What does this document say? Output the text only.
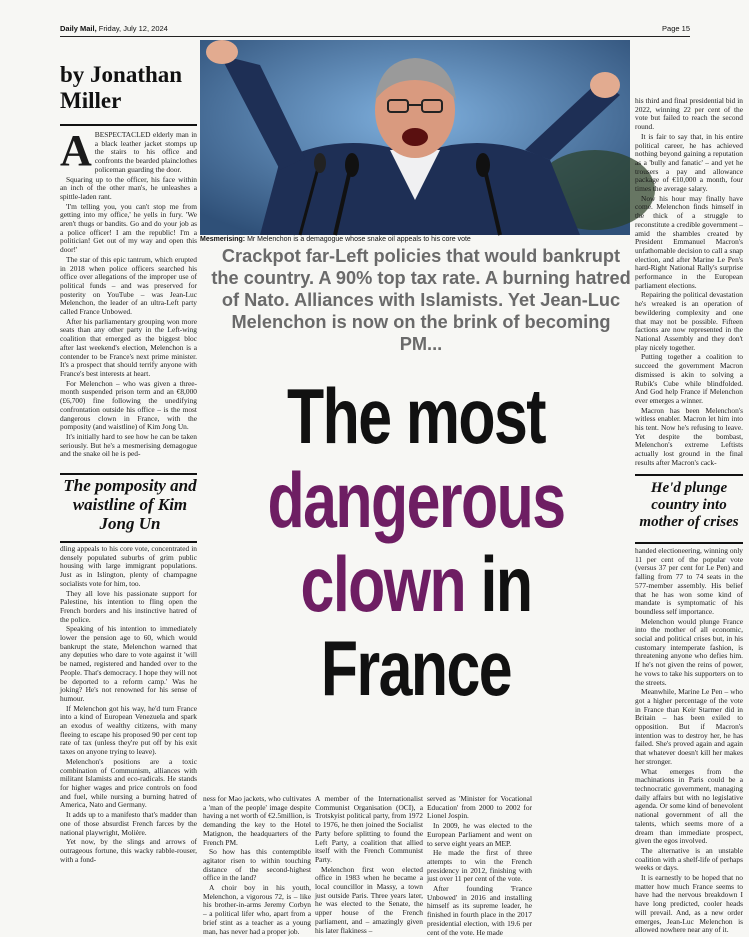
Daily Mail, Friday, July 12, 2024	Page 15
by Jonathan Miller

ABESPECTACLED elderly man in a black leather jacket stomps up the stairs to his office and confronts the bearded plainclothes policeman guarding the door.

Squaring up to the officer, his face within an inch of the other man's, he unleashes a spittle-laden rant.

'I'm telling you, you can't stop me from getting into my office,' he yells in fury. 'We aren't thugs or bandits. Go and do your job as a police officer! I am the republic! I'm a politician! Get out of my way and open this door!'

The star of this epic tantrum, which erupted in 2018 when police officers searched his office over allegations of the improper use of political funds – and was preserved for posterity on YouTube – was Jean-Luc Melenchon, the leader of an ultra-Left party called France Unbowed.

After his parliamentary grouping won more seats than any other party in the Left-wing coalition that emerged as the biggest bloc after last weekend's election, Melenchon is a contender to be France's next prime minister. It's a prospect that should terrify anyone with France's best interests at heart.

For Melenchon – who was given a three-month suspended prison term and an €8,000 (£6,700) fine following the unedifying confrontation outside his office – is the most dangerous clown in France, with the pomposity (and waistline) of Kim Jong Un.

It's initially hard to see how he can be taken seriously. But he's a mesmerising demagogue and the snake oil he is ped-

The pomposity and waistline of Kim Jong Un

dling appeals to his core vote, concentrated in densely populated suburbs of grim public housing with large immigrant populations. Just as in Islington, plenty of champagne socialists vote for him, too.

They all love his passionate support for Palestine, his intention to fling open the French borders and his instinctive hatred of the police.

Speaking of his intention to immediately lower the pension age to 60, which would bankrupt the state, Melenchon warned that any deputies who dare to vote against it 'will be named, registered and handed over to the People. That's democracy. I hope they will not be deported to a reform camp.' Was he joking? He's not renowned for his sense of humour.

If Melenchon got his way, he'd turn France into a kind of European Venezuela and spark an exodus of wealthy citizens, with many fleeing to escape his proposed 90 per cent top rate of tax (unless they're put off by his exit taxes on anyone trying to leave).

Melenchon's positions are a toxic combination of Communism, alliances with militant Islamists and eco-radicals. He stands for higher wages and price controls on food and fuel, while nursing a burning hatred of America, Nato and Germany.

It adds up to a manifesto that's madder than one of those absurdist French farces by the national playwright, Molière.

Yet now, by the slings and arrows of outrageous fortune, this wacky rabble-rouser, with a fond-

Mesmerising: Mr Melenchon is a demagogue whose snake oil appeals to his core vote
Crackpot far-Left policies that would bankrupt the country. A 90% top tax rate. A burning hatred of Nato. Alliances with Islamists. Yet Jean-Luc Melenchon is now on the brink of becoming PM...
The most
dangerous
clown in
France

ness for Mao jackets, who cultivates a 'man of the people' image despite having a net worth of €2.5million, is demanding the key to the Hotel Matignon, the headquarters of the French PM.

So how has this contemptible agitator risen to within touching distance of the second-highest office in the land?

A choir boy in his youth, Melenchon, a vigorous 72, is – like his brother-in-arms Jeremy Corbyn – a political lifer who, apart from a brief stint as a teacher as a young man, has never had a proper job.

A member of the Internationalist Communist Organisation (OCI), a Trotskyist political party, from 1972 to 1976, he then joined the Socialist Party before splitting to found the Left Party, a coalition that allied itself with the French Communist Party.

Melenchon first won elected office in 1983 when he became a local councillor in Massy, a town just outside Paris. Three years later, he was elected to the Senate, the upper house of the French parliament, and – amazingly given his later flakiness –

served as 'Minister for Vocational Education' from 2000 to 2002 for Lionel Jospin.

In 2009, he was elected to the European Parliament and went on to serve eight years an MEP.

He made the first of three attempts to win the French presidency in 2012, finishing with just over 11 per cent of the vote.

After founding 'France Unbowed' in 2016 and installing himself as its supreme leader, he finished in fourth place in the 2017 presidential election, with 19.6 per cent of the vote. He made

his third and final presidential bid in 2022, winning 22 per cent of the vote but failed to reach the second round.

It is fair to say that, in his entire political career, he has achieved nothing beyond gaining a reputation as a 'bully and fanatic' – and yet he trousers a pay and allowance package of €10,000 a month, four times the average salary.

Now his hour may finally have come. Melenchon finds himself in the thick of a struggle to reconstitute a credible government – amid the shambles created by President Emmanuel Macron's unfathomable decision to call a snap election, and after Marine Le Pen's hard-Right National Rally's surprise performance in the European parliament elections.

Repairing the political devastation he's wreaked is an operation of bewildering complexity and one that may not be possible. Fifteen factions are now represented in the National Assembly and they don't play nicely together.

Putting together a coalition to succeed the government Macron dismissed is akin to solving a Rubik's Cube while blindfolded. And God help France if Melenchon ever emerges a winner.

Macron has been Melenchon's witless enabler. Macron let him into his tent. Now he's refusing to leave. Yet despite the bombast, Melenchon's extreme Leftists actually lost ground in the final results after Macron's cack-

He'd plunge country into mother of crises

handed electioneering, winning only 11 per cent of the popular vote (versus 37 per cent for Le Pen) and falling from 77 to 74 seats in the 577-member assembly. His belief that he has won some kind of mandate is symptomatic of his boundless self importance.

Melenchon would plunge France into the mother of all economic, social and political crises but, in his customary intemperate fashion, is threatening anyone who defies him. If he's not given the reins of power, he vows to take his supporters on to the streets.

Meanwhile, Marine Le Pen – who got a higher percentage of the vote in France than Keir Starmer did in Britain – has been exiled to opposition. But if Macron's intention was to destroy her, he has failed. She's proved again and again that whatever doesn't kill her makes her stronger.

What emerges from the machinations in Paris could be a technocratic government, managing daily affairs but with no legislative agenda. Or some kind of benevolent national government of all the talents, which seems more of a dream than immediate prospect, given the egos involved.

The alternative is an unstable coalition with a shelf-life of perhaps weeks or days.

It is earnestly to be hoped that no matter how much France seems to have had the nervous breakdown I have long predicted, cooler heads will prevail. And, as a new order emerges, Jean-Luc Melenchon is allowed nowhere near any of it.
